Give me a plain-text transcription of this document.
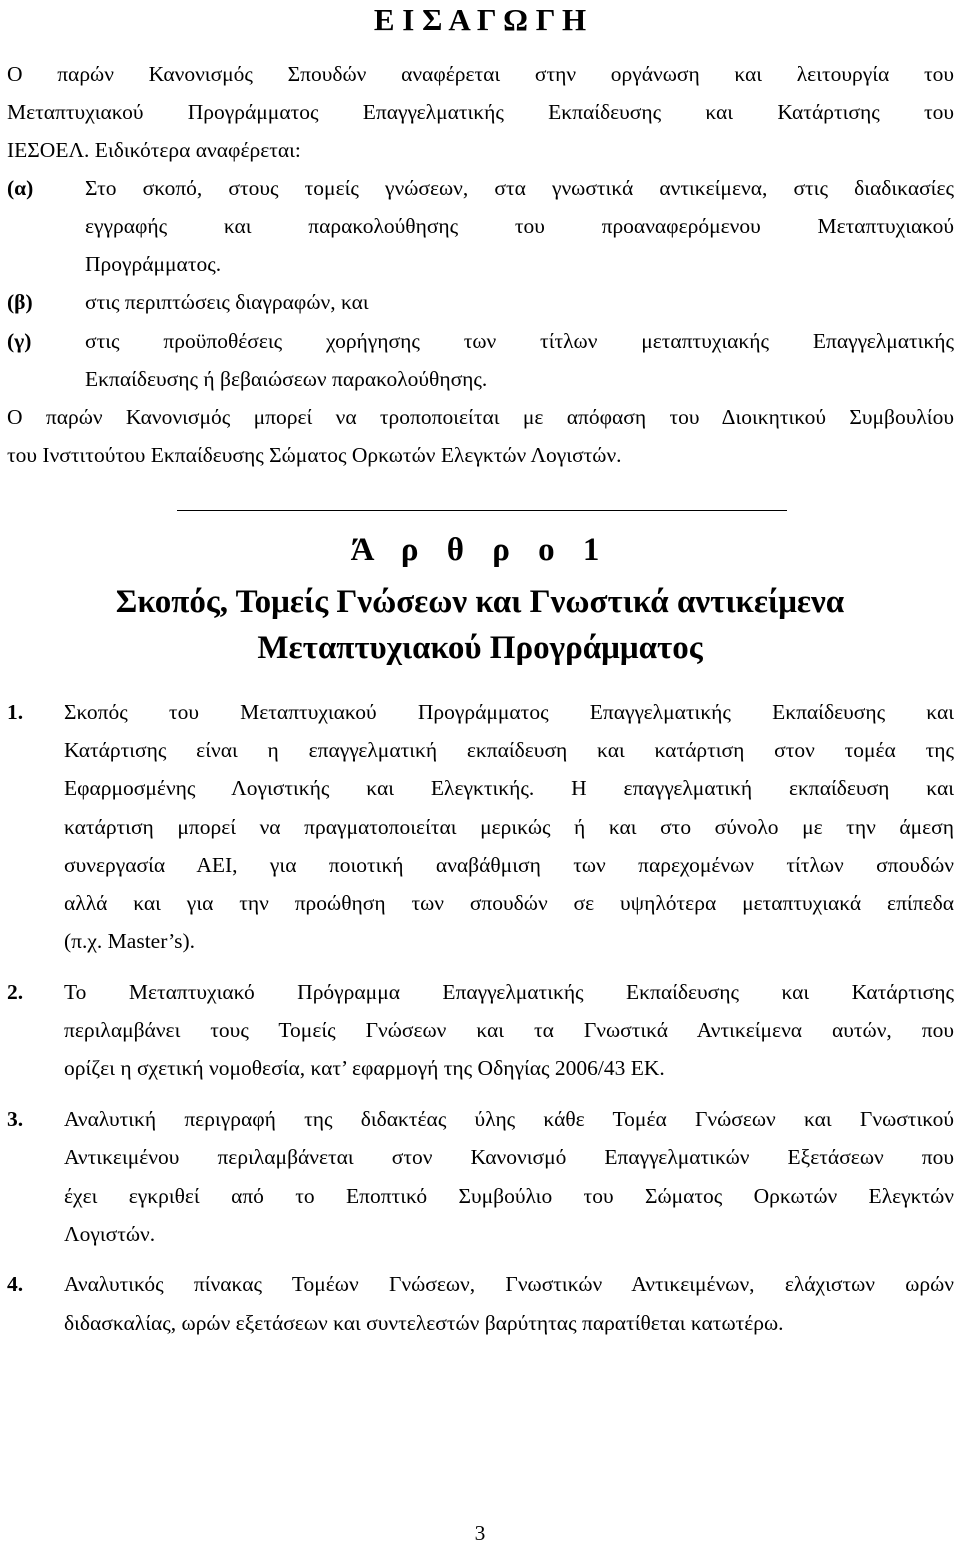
Ε Ι Σ Α Γ Ω Γ Η
Ο παρών Κανονισμός Σπουδών αναφέρεται στην οργάνωση και λειτουργία του
Μεταπτυχιακού Προγράμματος Επαγγελματικής Εκπαίδευσης και Κατάρτισης του
ΙΕΣΟΕΛ. Ειδικότερα αναφέρεται:
(α) Στο σκοπό, στους τομείς γνώσεων, στα γνωστικά αντικείμενα, στις διαδικασίες
εγγραφής και παρακολούθησης του προαναφερόμενου Μεταπτυχιακού
Προγράμματος.
(β) στις περιπτώσεις διαγραφών, και
(γ) στις προϋποθέσεις χορήγησης των τίτλων μεταπτυχιακής Επαγγελματικής
Εκπαίδευσης ή βεβαιώσεων παρακολούθησης.
Ο παρών Κανονισμός μπορεί να τροποποιείται με απόφαση του Διοικητικού Συμβουλίου
του Ινστιτούτου Εκπαίδευσης Σώματος Ορκωτών Ελεγκτών Λογιστών.
Ά ρ θ ρ ο 1
Σκοπός, Τομείς Γνώσεων και Γνωστικά αντικείμενα
Μεταπτυχιακού Προγράμματος
1. Σκοπός του Μεταπτυχιακού Προγράμματος Επαγγελματικής Εκπαίδευσης και
Κατάρτισης είναι η επαγγελματική εκπαίδευση και κατάρτιση στον τομέα της
Εφαρμοσμένης Λογιστικής και Ελεγκτικής. Η επαγγελματική εκπαίδευση και
κατάρτιση μπορεί να πραγματοποιείται μερικώς ή και στο σύνολο με την άμεση
συνεργασία ΑΕΙ, για ποιοτική αναβάθμιση των παρεχομένων τίτλων σπουδών
αλλά και για την προώθηση των σπουδών σε υψηλότερα μεταπτυχιακά επίπεδα
(π.χ. Master’s).
2. Το Μεταπτυχιακό Πρόγραμμα Επαγγελματικής Εκπαίδευσης και Κατάρτισης
περιλαμβάνει τους Τομείς Γνώσεων και τα Γνωστικά Αντικείμενα αυτών, που
ορίζει η σχετική νομοθεσία, κατ’ εφαρμογή της Οδηγίας 2006/43 ΕΚ.
3. Αναλυτική περιγραφή της διδακτέας ύλης κάθε Τομέα Γνώσεων και Γνωστικού
Αντικειμένου περιλαμβάνεται στον Κανονισμό Επαγγελματικών Εξετάσεων που
έχει εγκριθεί από το Εποπτικό Συμβούλιο του Σώματος Ορκωτών Ελεγκτών
Λογιστών.
4. Αναλυτικός πίνακας Τομέων Γνώσεων, Γνωστικών Αντικειμένων, ελάχιστων ωρών
διδασκαλίας, ωρών εξετάσεων και συντελεστών βαρύτητας παρατίθεται κατωτέρω.
3
